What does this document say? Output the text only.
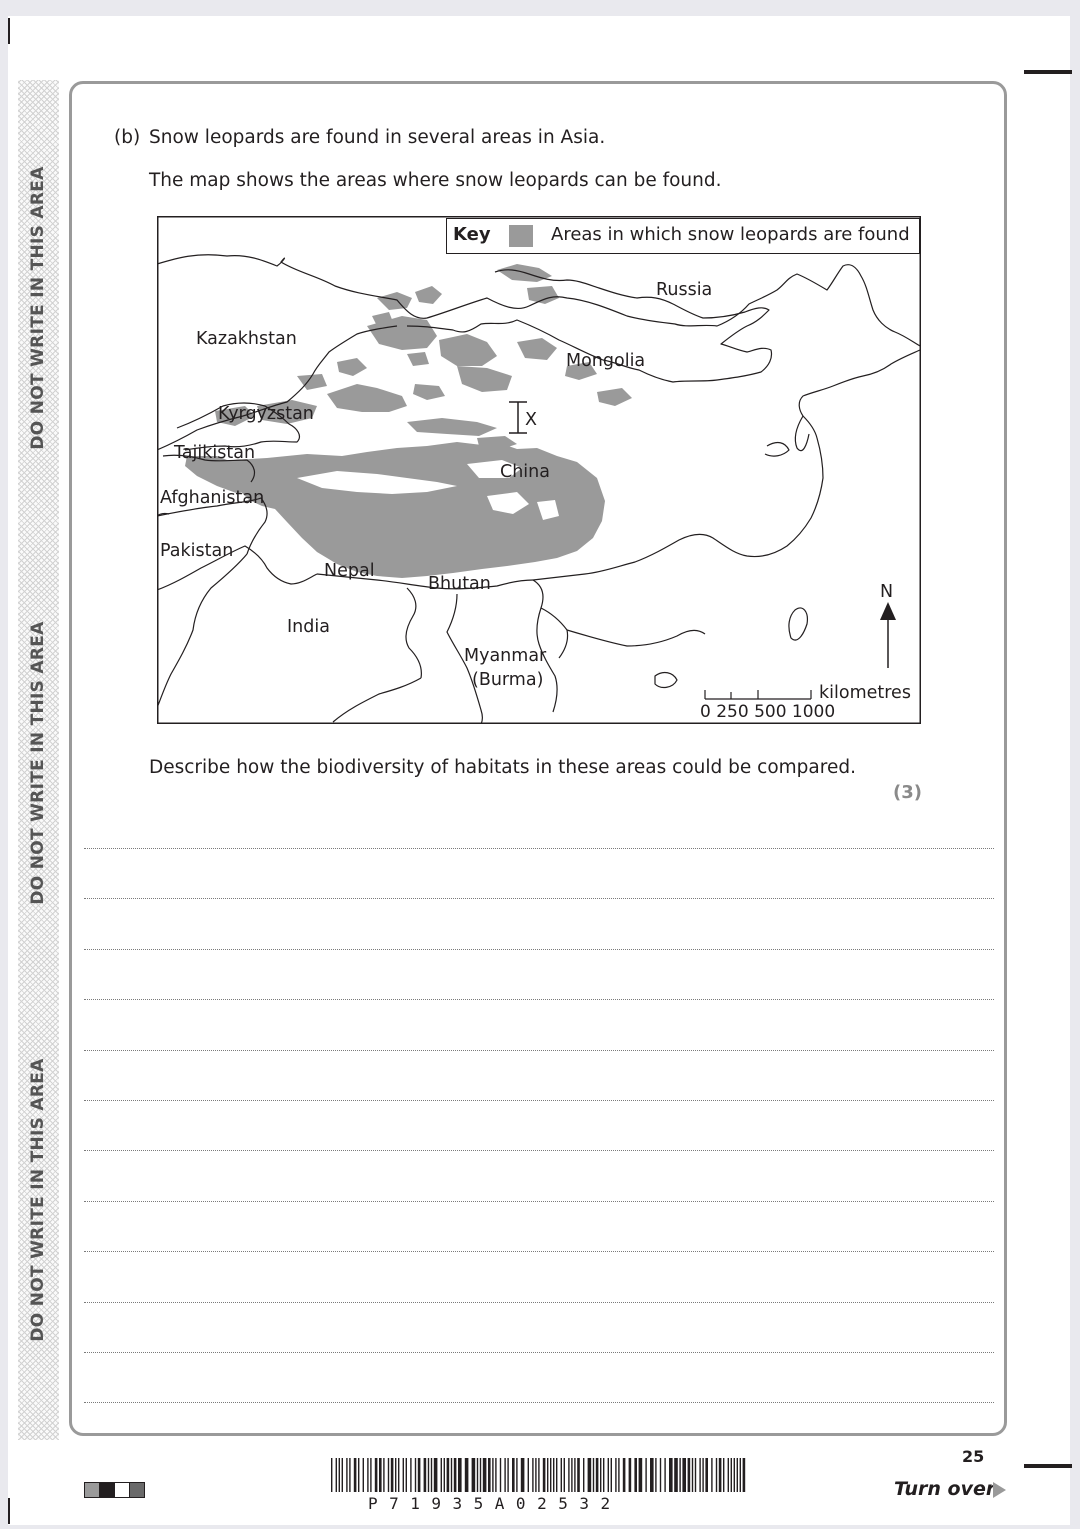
DO NOT WRITE IN THIS AREA
DO NOT WRITE IN THIS AREA
DO NOT WRITE IN THIS AREA
(b) Snow leopards are found in several areas in Asia.
The map shows the areas where snow leopards can be found.
Key	Areas in which snow leopards are found
Russia
Kazakhstan
Mongolia
Kyrgyzstan
Tajikistan
China
Afghanistan
Pakistan
Nepal
Bhutan
India
Myanmar
(Burma)
X
N
kilometres
0 250 500 1000
Describe how the biodiversity of habitats in these areas could be compared.
(3)
25
Turn over
P71935A02532
